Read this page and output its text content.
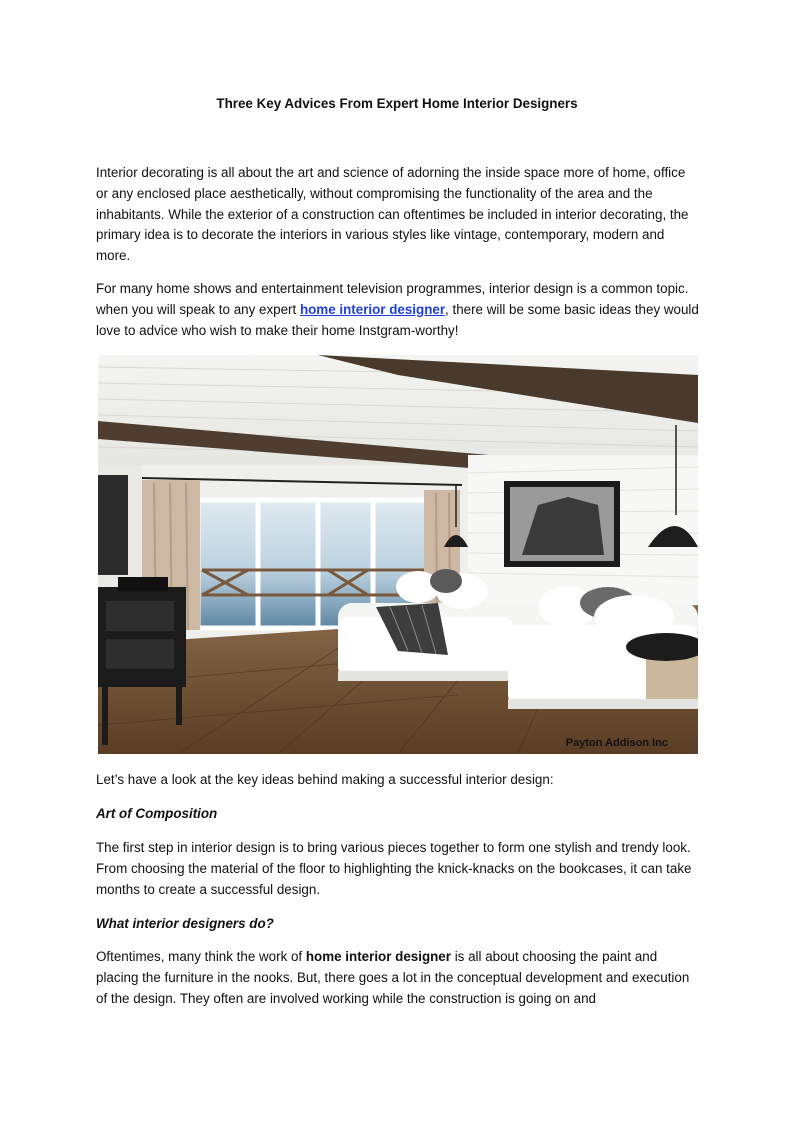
Three Key Advices From Expert Home Interior Designers

Interior decorating is all about the art and science of adorning the inside space more of home, office or any enclosed place aesthetically, without compromising the functionality of the area and the inhabitants. While the exterior of a construction can oftentimes be included in interior decorating, the primary idea is to decorate the interiors in various styles like vintage, contemporary, modern and more.

For many home shows and entertainment television programmes, interior design is a common topic. when you will speak to any expert home interior designer, there will be some basic ideas they would love to advice who wish to make their home Instgram-worthy!

Payton Addison Inc

Let’s have a look at the key ideas behind making a successful interior design:

Art of Composition

The first step in interior design is to bring various pieces together to form one stylish and trendy look. From choosing the material of the floor to highlighting the knick-knacks on the bookcases, it can take months to create a successful design.

What interior designers do?

Oftentimes, many think the work of home interior designer is all about choosing the paint and placing the furniture in the nooks. But, there goes a lot in the conceptual development and execution of the design. They often are involved working while the construction is going on and
